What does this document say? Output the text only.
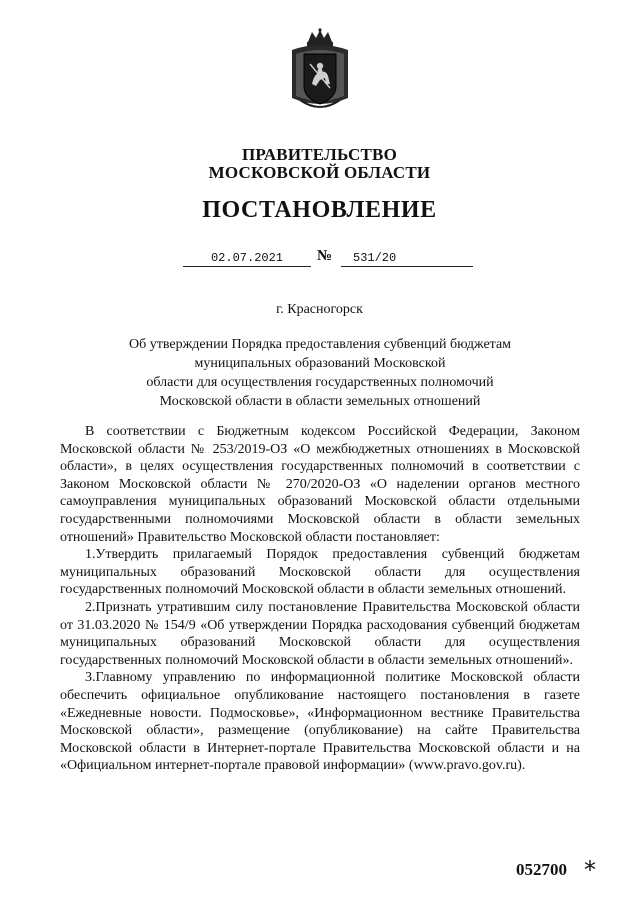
ПРАВИТЕЛЬСТВО
МОСКОВСКОЙ ОБЛАСТИ
ПОСТАНОВЛЕНИЕ
02.07.2021	№	531/20
г. Красногорск
Об утверждении Порядка предоставления субвенций бюджетам
муниципальных образований Московской
области для осуществления государственных полномочий
Московской области в области земельных отношений

В соответствии с Бюджетным кодексом Российской Федерации, Законом Московской области № 253/2019-ОЗ «О межбюджетных отношениях в Московской области», в целях осуществления государственных полномочий в соответствии с Законом Московской области № 270/2020-ОЗ «О наделении органов местного самоуправления муниципальных образований Московской области отдельными государственными полномочиями Московской области в области земельных отношений» Правительство Московской области постановляет:

1.Утвердить прилагаемый Порядок предоставления субвенций бюджетам муниципальных образований Московской области для осуществления государственных полномочий Московской области в области земельных отношений.

2.Признать утратившим силу постановление Правительства Московской области от 31.03.2020 № 154/9 «Об утверждении Порядка расходования субвенций бюджетам муниципальных образований Московской области для осуществления государственных полномочий Московской области в области земельных отношений».

3.Главному управлению по информационной политике Московской области обеспечить официальное опубликование настоящего постановления в газете «Ежедневные новости. Подмосковье», «Информационном вестнике Правительства Московской области», размещение (опубликование) на сайте Правительства Московской области в Интернет-портале Правительства Московской области и на «Официальном интернет-портале правовой информации» (www.pravo.gov.ru).

052700 *
